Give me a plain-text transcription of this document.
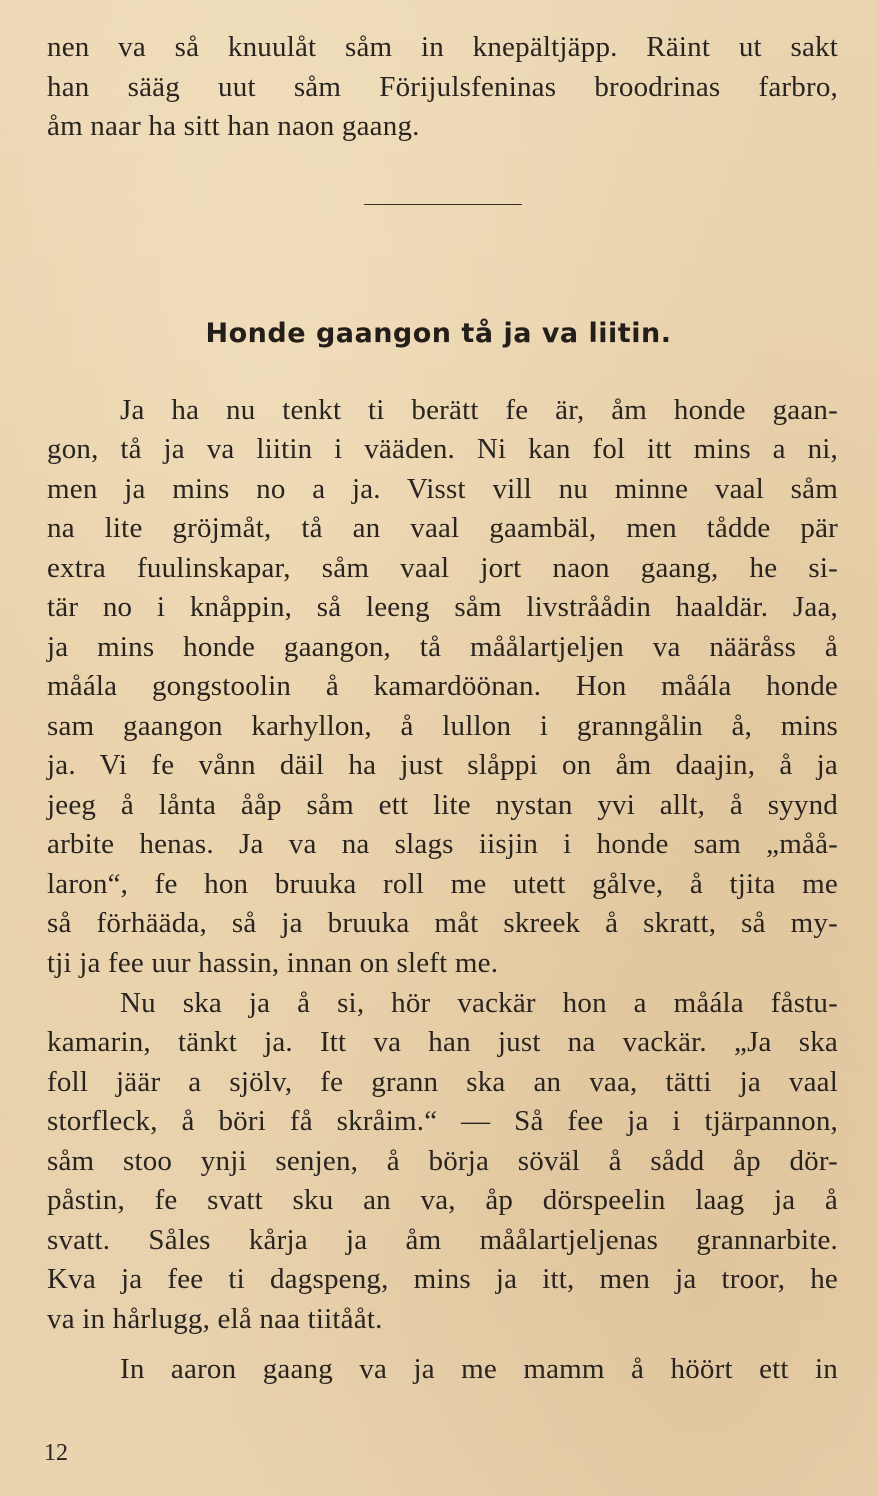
nen va så knuulåt såm in knepältjäpp. Räint ut sakt
han sääg uut såm Förijulsfeninas broodrinas farbro,
åm naar ha sitt han naon gaang.
Honde gaangon tå ja va liitin.
Ja ha nu tenkt ti berätt fe är, åm honde gaan-
gon, tå ja va liitin i vääden. Ni kan fol itt mins a ni,
men ja mins no a ja. Visst vill nu minne vaal såm
na lite gröjmåt, tå an vaal gaambäl, men tådde pär
extra fuulinskapar, såm vaal jort naon gaang, he si-
tär no i knåppin, så leeng såm livstråådin haaldär. Jaa,
ja mins honde gaangon, tå måålartjeljen va nääråss å
måála gongstoolin å kamardöönan. Hon måála honde
sam gaangon karhyllon, å lullon i granngålin å, mins
ja. Vi fe vånn däil ha just slåppi on åm daajin, å ja
jeeg å lånta ååp såm ett lite nystan yvi allt, å syynd
arbite henas. Ja va na slags iisjin i honde sam „måå-
laron“, fe hon bruuka roll me utett gålve, å tjita me
så förhääda, så ja bruuka måt skreek å skratt, så my-
tji ja fee uur hassin, innan on sleft me.
Nu ska ja å si, hör vackär hon a måála fåstu-
kamarin, tänkt ja. Itt va han just na vackär. „Ja ska
foll jäär a sjölv, fe grann ska an vaa, tätti ja vaal
storfleck, å böri få skråim.“ — Så fee ja i tjärpannon,
såm stoo ynji senjen, å börja söväl å sådd åp dör-
påstin, fe svatt sku an va, åp dörspeelin laag ja å
svatt. Såles kårja ja åm måålartjeljenas grannarbite.
Kva ja fee ti dagspeng, mins ja itt, men ja troor, he
va in hårlugg, elå naa tiitååt.
In aaron gaang va ja me mamm å höört ett in
12
